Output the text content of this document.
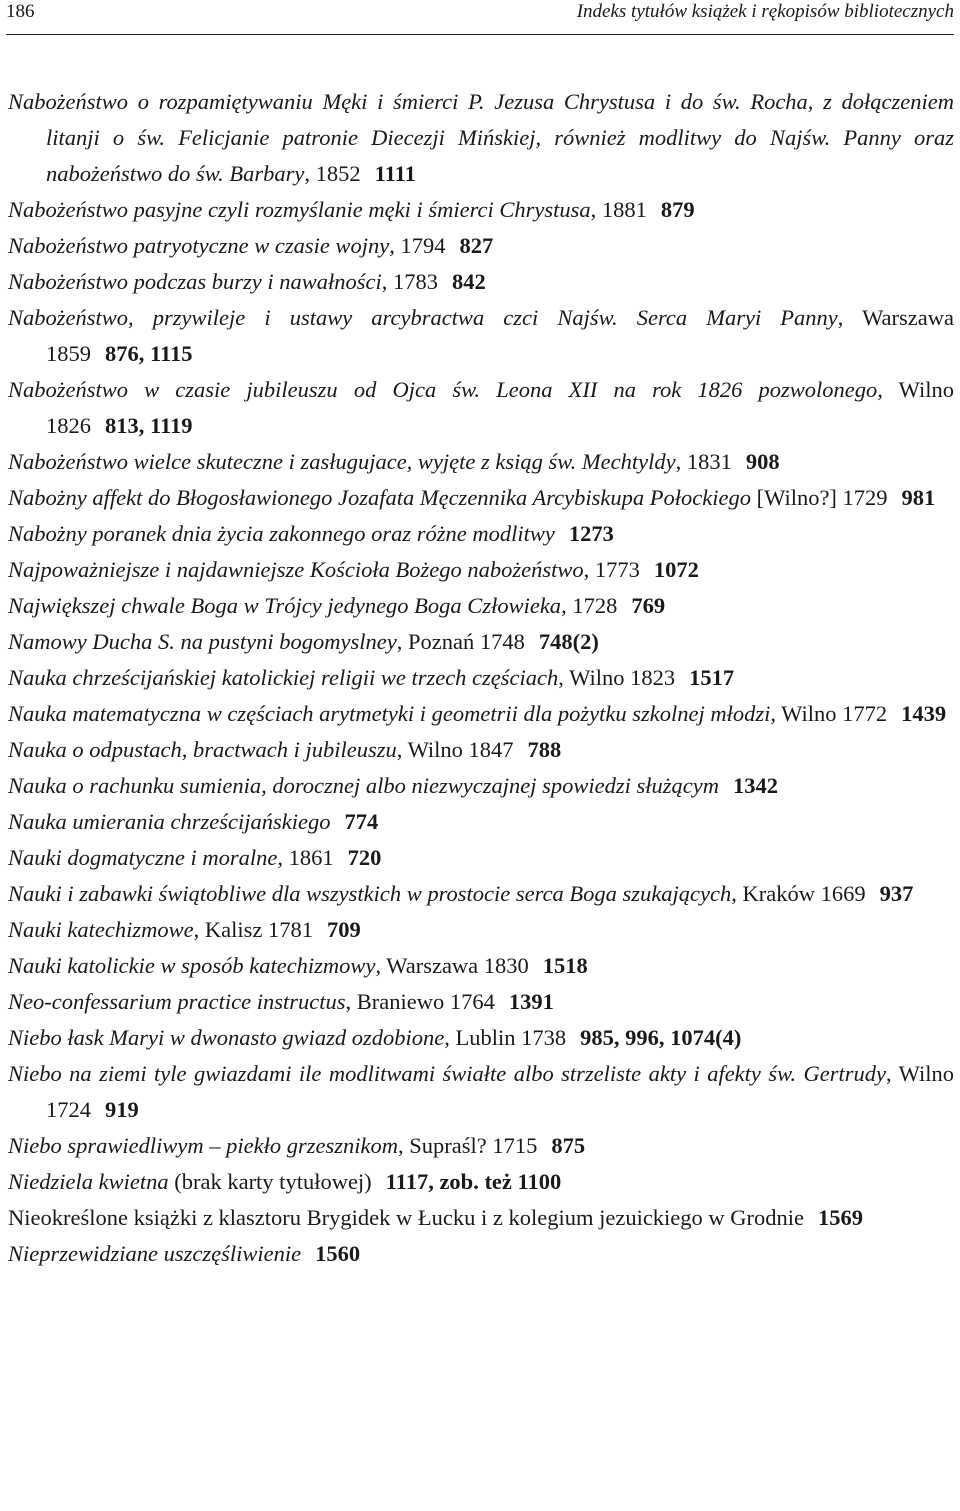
186	Indeks tytułów książek i rękopisów bibliotecznych

Nabożeństwo o rozpamiętywaniu Męki i śmierci P. Jezusa Chrystusa i do św. Rocha, z dołączeniem litanji o św. Felicjanie patronie Diecezji Mińskiej, również modlitwy do Najśw. Panny oraz nabożeństwo do św. Barbary, 1852 1111

Nabożeństwo pasyjne czyli rozmyślanie męki i śmierci Chrystusa, 1881 879

Nabożeństwo patryotyczne w czasie wojny, 1794 827

Nabożeństwo podczas burzy i nawałności, 1783 842

Nabożeństwo, przywileje i ustawy arcybractwa czci Najśw. Serca Maryi Panny, Warszawa 1859 876, 1115

Nabożeństwo w czasie jubileuszu od Ojca św. Leona XII na rok 1826 pozwolonego, Wilno 1826 813, 1119

Nabożeństwo wielce skuteczne i zasługujace, wyjęte z ksiąg św. Mechtyldy, 1831 908

Nabożny affekt do Błogosławionego Jozafata Męczennika Arcybiskupa Połockiego [Wilno?] 1729 981

Nabożny poranek dnia życia zakonnego oraz różne modlitwy 1273

Najpoważniejsze i najdawniejsze Kościoła Bożego nabożeństwo, 1773 1072

Największej chwale Boga w Trójcy jedynego Boga Człowieka, 1728 769

Namowy Ducha S. na pustyni bogomyslney, Poznań 1748 748(2)

Nauka chrześcijańskiej katolickiej religii we trzech częściach, Wilno 1823 1517

Nauka matematyczna w częściach arytmetyki i geometrii dla pożytku szkolnej młodzi, Wilno 1772 1439

Nauka o odpustach, bractwach i jubileuszu, Wilno 1847 788

Nauka o rachunku sumienia, dorocznej albo niezwyczajnej spowiedzi służącym 1342

Nauka umierania chrześcijańskiego 774

Nauki dogmatyczne i moralne, 1861 720

Nauki i zabawki świątobliwe dla wszystkich w prostocie serca Boga szukających, Kraków 1669 937

Nauki katechizmowe, Kalisz 1781 709

Nauki katolickie w sposób katechizmowy, Warszawa 1830 1518

Neo-confessarium practice instructus, Braniewo 1764 1391

Niebo łask Maryi w dwonasto gwiazd ozdobione, Lublin 1738 985, 996, 1074(4)

Niebo na ziemi tyle gwiazdami ile modlitwami świałte albo strzeliste akty i afekty św. Gertrudy, Wilno 1724 919

Niebo sprawiedliwym – piekło grzesznikom, Supraśl? 1715 875

Niedziela kwietna (brak karty tytułowej) 1117, zob. też 1100

Nieokreślone książki z klasztoru Brygidek w Łucku i z kolegium jezuickiego w Grodnie 1569

Nieprzewidziane uszczęśliwienie 1560
